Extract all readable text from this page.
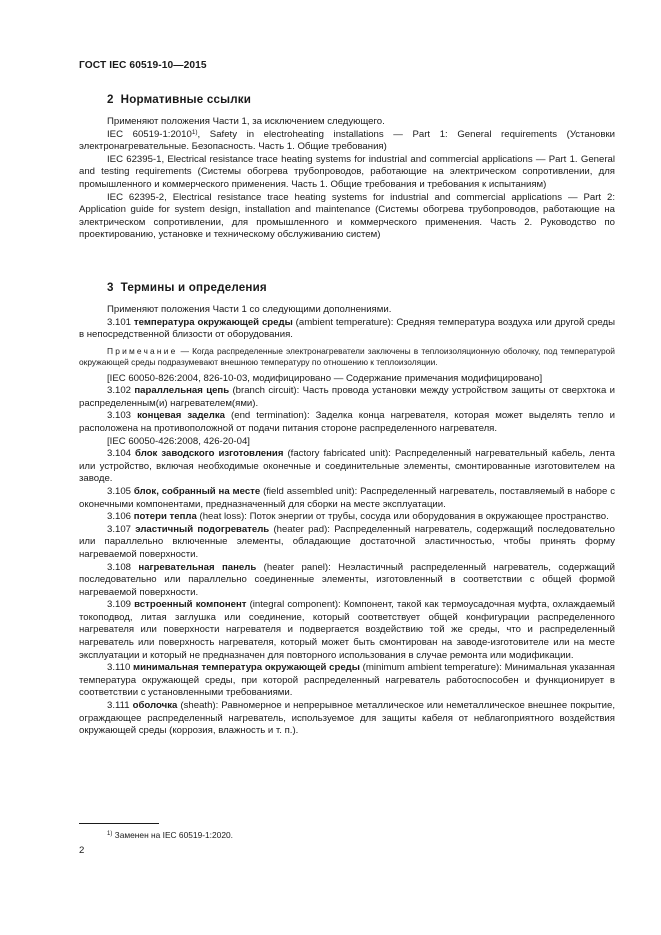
ГОСТ IEC 60519-10—2015
2 Нормативные ссылки

Применяют положения Части 1, за исключением следующего.

IEC 60519-1:2010$^{1)}$, Safety in electroheating installations — Part 1: General requirements (Установки электронагревательные. Безопасность. Часть 1. Общие требования)

IEC 62395-1, Electrical resistance trace heating systems for industrial and commercial applications — Part 1. General and testing requirements (Системы обогрева трубопроводов, работающие на электрическом сопротивлении, для промышленного и коммерческого применения. Часть 1. Общие требования и требования к испытаниям)

IEC 62395-2, Electrical resistance trace heating systems for industrial and commercial applications — Part 2: Application guide for system design, installation and maintenance (Системы обогрева трубопроводов, работающие на электрическом сопротивлении, для промышленного и коммерческого применения. Часть 2. Руководство по проектированию, установке и техническому обслуживанию систем)

3 Термины и определения

Применяют положения Части 1 со следующими дополнениями.

3.101 температура окружающей среды (ambient temperature): Средняя температура воздуха или другой среды в непосредственной близости от оборудования.

Примечание — Когда распределенные электронагреватели заключены в теплоизоляционную оболочку, под температурой окружающей среды подразумевают внешнюю температуру по отношению к теплоизоляции.

[IEC 60050-826:2004, 826-10-03, модифицировано — Содержание примечания модифицировано]

3.102 параллельная цепь (branch circuit): Часть провода установки между устройством защиты от сверхтока и распределенным(и) нагревателем(ями).

3.103 концевая заделка (end termination): Заделка конца нагревателя, которая может выделять тепло и расположена на противоположной от подачи питания стороне распределенного нагревателя.

[IEC 60050-426:2008, 426-20-04]

3.104 блок заводского изготовления (factory fabricated unit): Распределенный нагревательный кабель, лента или устройство, включая необходимые оконечные и соединительные элементы, смонтированные изготовителем на заводе.

3.105 блок, собранный на месте (field assembled unit): Распределенный нагреватель, поставляемый в наборе с оконечными компонентами, предназначенный для сборки на месте эксплуатации.

3.106 потери тепла (heat loss): Поток энергии от трубы, сосуда или оборудования в окружающее пространство.

3.107 эластичный подогреватель (heater pad): Распределенный нагреватель, содержащий последовательно или параллельно включенные элементы, обладающие достаточной эластичностью, чтобы принять форму нагреваемой поверхности.

3.108 нагревательная панель (heater panel): Неэластичный распределенный нагреватель, содержащий последовательно или параллельно соединенные элементы, изготовленный в соответствии с общей формой нагреваемой поверхности.

3.109 встроенный компонент (integral component): Компонент, такой как термоусадочная муфта, охлаждаемый токоподвод, литая заглушка или соединение, который соответствует общей конфигурации распределенного нагревателя или поверхности нагревателя и подвергается воздействию той же среды, что и распределенный нагреватель или поверхность нагревателя, который может быть смонтирован на заводе-изготовителе или на месте эксплуатации и который не предназначен для повторного использования в случае ремонта или модификации.

3.110 минимальная температура окружающей среды (minimum ambient temperature): Минимальная указанная температура окружающей среды, при которой распределенный нагреватель работоспособен и функционирует в соответствии с установленными требованиями.

3.111 оболочка (sheath): Равномерное и непрерывное металлическое или неметаллическое внешнее покрытие, ограждающее распределенный нагреватель, используемое для защиты кабеля от неблагоприятного воздействия окружающей среды (коррозия, влажность и т. п.).

$^{1)}$ Заменен на IEC 60519-1:2020.
2
